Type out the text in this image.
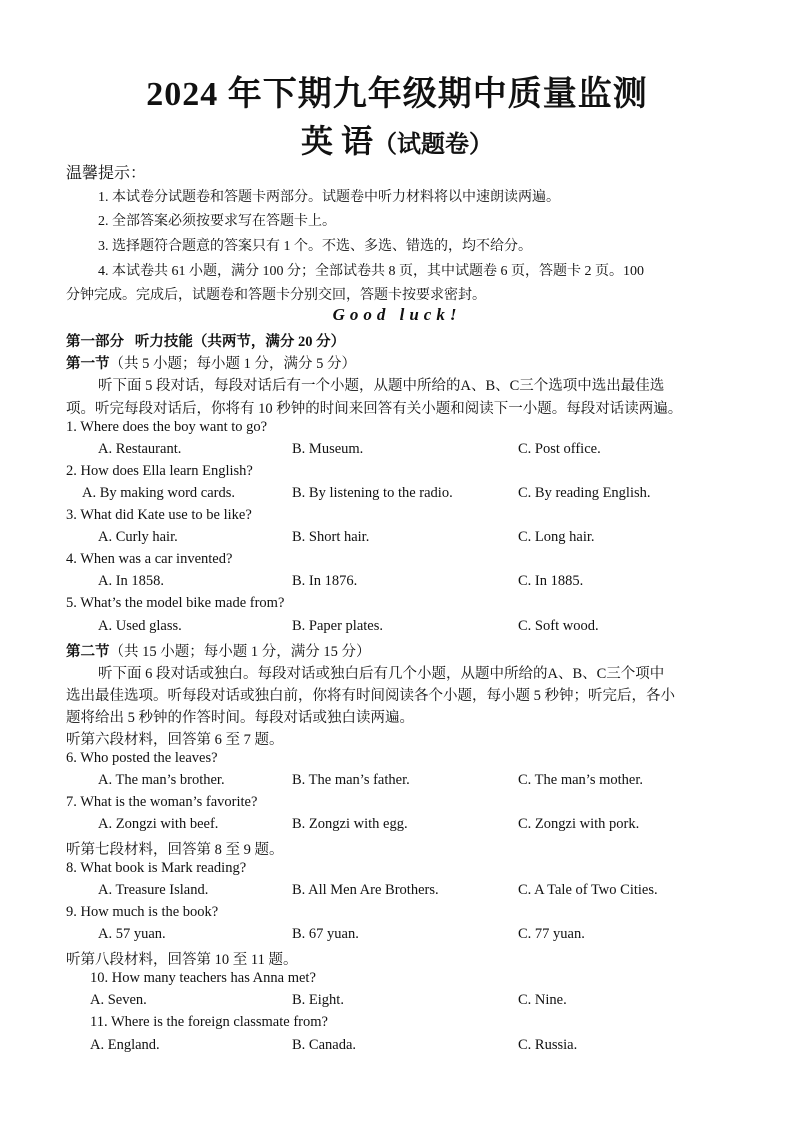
2024 年下期九年级期中质量监测
英 语（试题卷）
温馨提示：
1. 本试卷分试题卷和答题卡两部分。试题卷中听力材料将以中速朗读两遍。
2. 全部答案必须按要求写在答题卡上。
3. 选择题符合题意的答案只有 1 个。不选、多选、错选的，均不给分。
4. 本试卷共 61 小题，满分 100 分；全部试卷共 8 页，其中试题卷 6 页，答题卡 2 页。100
分钟完成。完成后，试题卷和答题卡分别交回，答题卡按要求密封。
Good luck!
第一部分 听力技能（共两节，满分 20 分）
第一节（共 5 小题；每小题 1 分，满分 5 分）
听下面 5 段对话，每段对话后有一个小题，从题中所给的A、B、C三个选项中选出最佳选
项。听完每段对话后，你将有 10 秒钟的时间来回答有关小题和阅读下一小题。每段对话读两遍。
1. Where does the boy want to go?
A. Restaurant.	B. Museum.	C. Post office.
2. How does Ella learn English?
A. By making word cards.	B. By listening to the radio.	C. By reading English.
3. What did Kate use to be like?
A. Curly hair.	B. Short hair.	C. Long hair.
4. When was a car invented?
A. In 1858.	B. In 1876.	C. In 1885.
5. What’s the model bike made from?
A. Used glass.	B. Paper plates.	C. Soft wood.
第二节（共 15 小题；每小题 1 分，满分 15 分）
听下面 6 段对话或独白。每段对话或独白后有几个小题，从题中所给的A、B、C三个项中
选出最佳选项。听每段对话或独白前，你将有时间阅读各个小题，每小题 5 秒钟；听完后，各小
题将给出 5 秒钟的作答时间。每段对话或独白读两遍。
听第六段材料，回答第 6 至 7 题。
6. Who posted the leaves?
A. The man’s brother.	B. The man’s father.	C. The man’s mother.
7. What is the woman’s favorite?
A. Zongzi with beef.	B. Zongzi with egg.	C. Zongzi with pork.
听第七段材料，回答第 8 至 9 题。
8. What book is Mark reading?
A. Treasure Island.	B. All Men Are Brothers.	C. A Tale of Two Cities.
9. How much is the book?
A. 57 yuan.	B. 67 yuan.	C. 77 yuan.
听第八段材料，回答第 10 至 11 题。
10. How many teachers has Anna met?
A. Seven.	B. Eight.	C. Nine.
11. Where is the foreign classmate from?
A. England.	B. Canada.	C. Russia.
